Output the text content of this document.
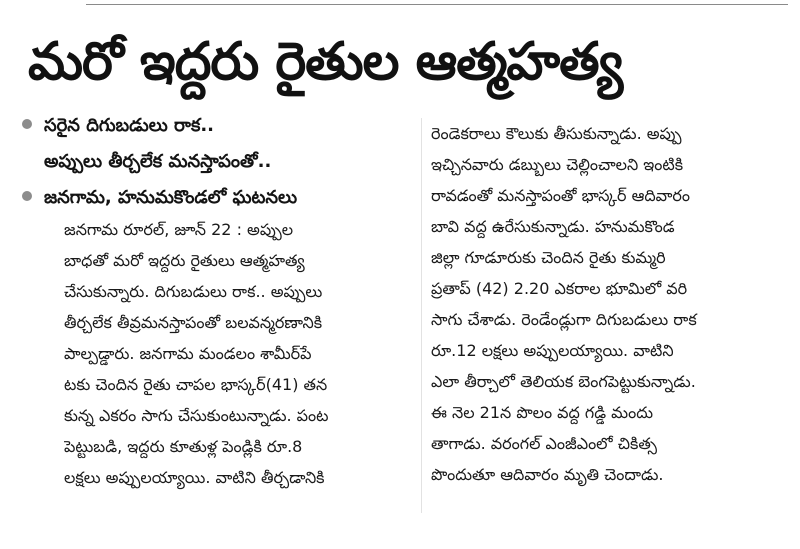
మరో ఇద్దరు రైతుల ఆత్మహత్య
సరైన దిగుబడులు రాక..
అప్పులు తీర్చలేక మనస్తాపంతో..
జనగామ, హనుమకొండలో ఘటనలు
జనగామ రూరల్, జూన్ 22 : అప్పుల
బాధతో మరో ఇద్దరు రైతులు ఆత్మహత్య
చేసుకున్నారు. దిగుబడులు రాక.. అప్పులు
తీర్చలేక తీవ్రమనస్తాపంతో బలవన్మరణానికి
పాల్పడ్డారు. జనగామ మండలం శామీర్‌పే
టకు చెందిన రైతు చాపల భాస్కర్(41) తన
కున్న ఎకరం సాగు చేసుకుంటున్నాడు. పంట
పెట్టుబడి, ఇద్దరు కూతుళ్ల పెండ్లికి రూ.8
లక్షలు అప్పులయ్యాయి. వాటిని తీర్చడానికి
రెండెకరాలు కౌలుకు తీసుకున్నాడు. అప్పు
ఇచ్చినవారు డబ్బులు చెల్లించాలని ఇంటికి
రావడంతో మనస్తాపంతో భాస్కర్ ఆదివారం
బావి వద్ద ఉరేసుకున్నాడు. హనుమకొండ
జిల్లా గూడూరుకు చెందిన రైతు కుమ్మరి
ప్రతాప్ (42) 2.20 ఎకరాల భూమిలో వరి
సాగు చేశాడు. రెండేండ్లుగా దిగుబడులు రాక
రూ.12 లక్షలు అప్పులయ్యాయి. వాటిని
ఎలా తీర్చాలో తెలియక బెంగపెట్టుకున్నాడు.
ఈ నెల 21న పొలం వద్ద గడ్డి మందు
తాగాడు. వరంగల్ ఎంజీఎంలో చికిత్స
పొందుతూ ఆదివారం మృతి చెందాడు.
